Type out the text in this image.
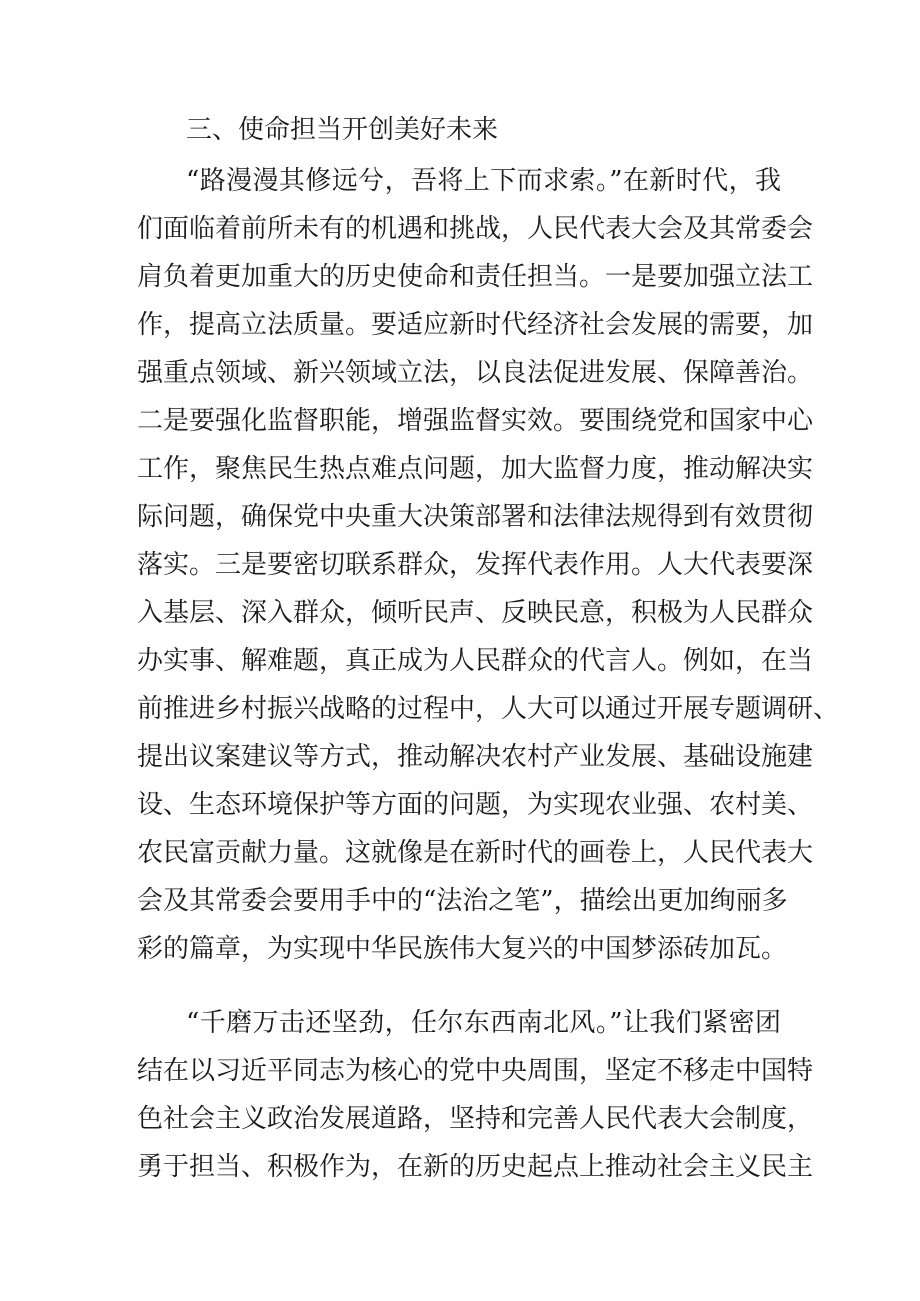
三、使命担当开创美好未来
“路漫漫其修远兮，吾将上下而求索。”在新时代，我
们面临着前所未有的机遇和挑战，人民代表大会及其常委会
肩负着更加重大的历史使命和责任担当。一是要加强立法工
作，提高立法质量。要适应新时代经济社会发展的需要，加
强重点领域、新兴领域立法，以良法促进发展、保障善治。
二是要强化监督职能，增强监督实效。要围绕党和国家中心
工作，聚焦民生热点难点问题，加大监督力度，推动解决实
际问题，确保党中央重大决策部署和法律法规得到有效贯彻
落实。三是要密切联系群众，发挥代表作用。人大代表要深
入基层、深入群众，倾听民声、反映民意，积极为人民群众
办实事、解难题，真正成为人民群众的代言人。例如，在当
前推进乡村振兴战略的过程中，人大可以通过开展专题调研、
提出议案建议等方式，推动解决农村产业发展、基础设施建
设、生态环境保护等方面的问题，为实现农业强、农村美、
农民富贡献力量。这就像是在新时代的画卷上，人民代表大
会及其常委会要用手中的“法治之笔”，描绘出更加绚丽多
彩的篇章，为实现中华民族伟大复兴的中国梦添砖加瓦。
“千磨万击还坚劲，任尔东西南北风。”让我们紧密团
结在以习近平同志为核心的党中央周围，坚定不移走中国特
色社会主义政治发展道路，坚持和完善人民代表大会制度，
勇于担当、积极作为，在新的历史起点上推动社会主义民主
